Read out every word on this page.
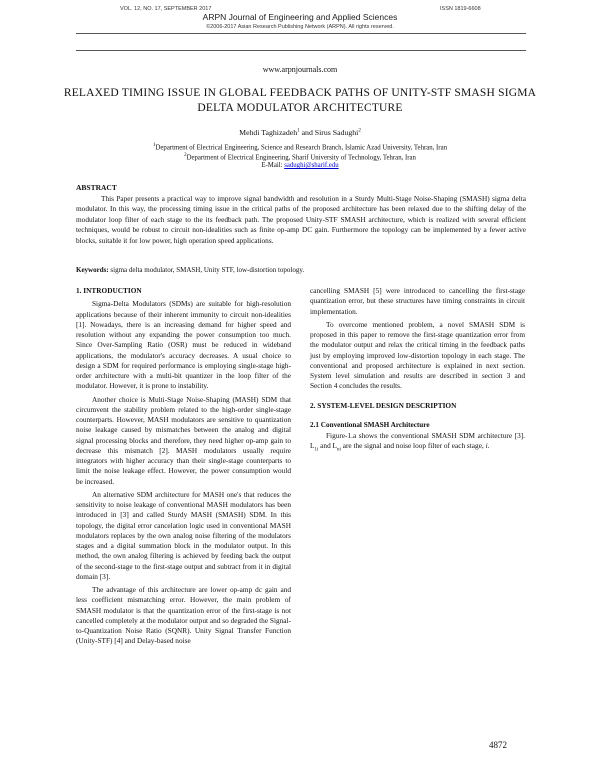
VOL. 12, NO. 17, SEPTEMBER 2017	ISSN 1819-6608
ARPN Journal of Engineering and Applied Sciences
©2006-2017 Asian Research Publishing Network (ARPN). All rights reserved.
www.arpnjournals.com
RELAXED TIMING ISSUE IN GLOBAL FEEDBACK PATHS OF UNITY-STF SMASH SIGMA DELTA MODULATOR ARCHITECTURE
Mehdi Taghizadeh$^1$ and Sirus Sadughi$^2$
$^1$Department of Electrical Engineering, Science and Research Branch, Islamic Azad University, Tehran, Iran
$^2$Department of Electrical Engineering, Sharif University of Technology, Tehran, Iran
E-Mail: sadughi@sharif.edu
ABSTRACT

This Paper presents a practical way to improve signal bandwidth and resolution in a Sturdy Multi-Stage Noise-Shaping (SMASH) sigma delta modulator. In this way, the processing timing issue in the critical paths of the proposed architecture has been relaxed due to the shifting delay of the modulator loop filter of each stage to the its feedback path. The proposed Unity-STF SMASH architecture, which is realized with several efficient techniques, would be robust to circuit non-idealities such as finite op-amp DC gain. Furthermore the topology can be implemented by a fewer active blocks, suitable it for low power, high operation speed applications.

Keywords: sigma delta modulator, SMASH, Unity STF, low-distortion topology.
1. INTRODUCTION

Sigma-Delta Modulators (SDMs) are suitable for high-resolution applications because of their inherent immunity to circuit non-idealities [1]. Nowadays, there is an increasing demand for higher speed and resolution without any expanding the power consumption too much. Since Over-Sampling Ratio (OSR) must be reduced in wideband applications, the modulator's accuracy decreases. A usual choice to design a SDM for required performance is employing single-stage high-order architecture with a multi-bit quantizer in the loop filter of the modulator. However, it is prone to instability.

Another choice is Multi-Stage Noise-Shaping (MASH) SDM that circumvent the stability problem related to the high-order single-stage counterparts. However, MASH modulators are sensitive to quantization noise leakage caused by mismatches between the analog and digital signal processing blocks and therefore, they need higher op-amp gain to decrease this mismatch [2]. MASH modulators usually require integrators with higher accuracy than their single-stage counterparts to limit the noise leakage effect. However, the power consumption would be increased.

An alternative SDM architecture for MASH one's that reduces the sensitivity to noise leakage of conventional MASH modulators has been introduced in [3] and called Sturdy MASH (SMASH) SDM. In this topology, the digital error cancelation logic used in conventional MASH modulators replaces by the own analog noise filtering of the modulators stages and a digital summation block in the modulator output. In this method, the own analog filtering is achieved by feeding back the output of the second-stage to the first-stage output and subtract from it in digital domain [3].

The advantage of this architecture are lower op-amp dc gain and less coefficient mismatching error. However, the main problem of SMASH modulator is that the quantization error of the first-stage is not cancelled completely at the modulator output and so degraded the Signal-to-Quantization Noise Ratio (SQNR). Unity Signal Transfer Function (Unity-STF) [4] and Delay-based noise

cancelling SMASH [5] were introduced to cancelling the first-stage quantization error, but these structures have timing constraints in circuit implementation.

To overcome mentioned problem, a novel SMASH SDM is proposed in this paper to remove the first-stage quantization error from the modulator output and relax the critical timing in the feedback paths just by employing improved low-distortion topology in each stage. The conventional and proposed architecture is explained in next section. System level simulation and results are described in section 3 and Section 4 concludes the results.

2. SYSTEM-LEVEL DESIGN DESCRIPTION
2.1 Conventional SMASH Architecture

Figure-1.a shows the conventional SMASH SDM architecture [3]. $L_{1i}$ and $L_{ni}$ are the signal and noise loop filter of each stage, i.

4872
